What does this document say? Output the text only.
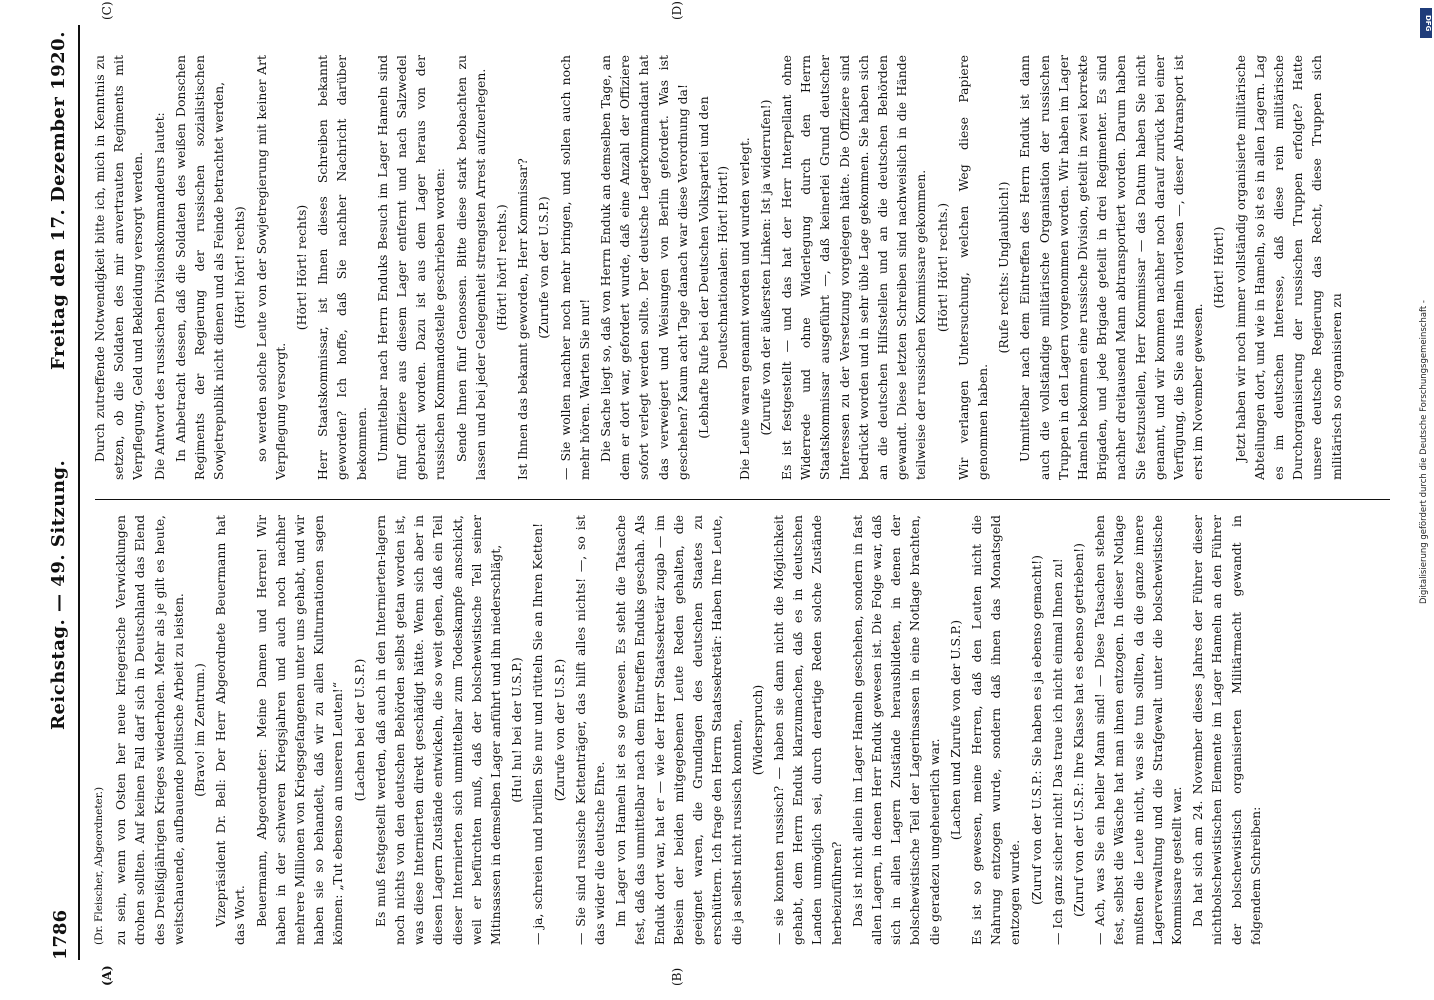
1786
Reichstag. — 49. Sitzung.
Freitag den 17. Dezember 1920.
(A)	(B)
(C)	(D)

(Dr. Fleischer, Abgeordneter.) zu sein, wenn von Osten her neue kriegerische Verwicklungen drohen sollten. Auf keinen Fall darf sich in Deutschland das Elend des Dreißigjährigen Krieges wiederholen. Mehr als je gilt es heute, weitschauende, aufbauende politische Arbeit zu leisten. (Bravo! im Zentrum.) Vizepräsident Dr. Bell: Der Herr Abgeordnete Beuermann hat das Wort. Beuermann, Abgeordneter: Meine Damen und Herren! Wir haben in der schweren Kriegsjahren und auch noch nachher mehrere Millionen von Kriegsgefangenen unter uns gehabt, und wir haben sie so behandelt, daß wir zu allen Kulturnationen sagen können: „Tut ebenso an unseren Leuten!“ (Lachen bei der U.S.P.) Es muß festgestellt werden, daß auch in den Internierten-lagern noch nichts von den deutschen Behörden selbst getan worden ist, was diese Internierten direkt geschädigt hätte. Wenn sich aber in diesen Lagern Zustände entwickeln, die so weit gehen, daß ein Teil dieser Internierten sich unmittelbar zum Todeskampfe anschickt, weil er befürchten muß, daß der bolschewistische Teil seiner Mitinsassen in demselben Lager anführt und ihn niederschlägt, (Hu! hu! bei der U.S.P.) — ja, schreien und brüllen Sie nur und rütteln Sie an Ihren Ketten! (Zurufe von der U.S.P.) — Sie sind russische Kettenträger, das hilft alles nichts! —, so ist das wider die deutsche Ehre. Im Lager von Hameln ist es so gewesen. Es steht die Tatsache fest, daß das unmittelbar nach dem Eintreffen Enduks geschah. Als Enduk dort war, hat er — wie der Herr Staatssekretär zugab — im Beisein der beiden mitgegebenen Leute Reden gehalten, die geeignet waren, die Grundlagen des deutschen Staates zu erschüttern. Ich frage den Herrn Staatssekretär: Haben Ihre Leute, die ja selbst nicht russisch konnten, (Widerspruch) — sie konnten russisch? — haben sie dann nicht die Möglichkeit gehabt, dem Herrn Enduk klarzumachen, daß es in deutschen Landen unmöglich sei, durch derartige Reden solche Zustände herbeizuführen? Das ist nicht allein im Lager Hameln geschehen, sondern in fast allen Lagern, in denen Herr Enduk gewesen ist. Die Folge war, daß sich in allen Lagern Zustände herausbildeten, in denen der bolschewistische Teil der Lagerinsassen in eine Notlage brachten, die geradezu ungeheuerlich war.

(Lachen und Zurufe von der U.S.P.) Es ist so gewesen, meine Herren, daß den Leuten nicht die Nahrung entzogen wurde, sondern daß ihnen das Monatsgeld entzogen wurde. (Zuruf von der U.S.P.: Sie haben es ja ebenso gemacht!) — Ich ganz sicher nicht! Das traue ich nicht einmal Ihnen zu! (Zuruf von der U.S.P.: Ihre Klasse hat es ebenso getrieben!) — Ach, was Sie ein heller Mann sind! — Diese Tatsachen stehen fest, selbst die Wäsche hat man ihnen entzogen. In dieser Notlage mußten die Leute nicht, was sie tun sollten, da die ganze innere Lagerverwaltung und die Strafgewalt unter die bolschewistische Kommissare gestellt war. Da hat sich am 24. November dieses Jahres der Führer dieser nichtbolschewistischen Elemente im Lager Hameln an den Führer der bolschewistisch organisierten Militärmacht gewandt in folgendem Schreiben:

Durch zutreffende Notwendigkeit bitte ich, mich in Kenntnis zu setzen, ob die Soldaten des mir anvertrauten Regiments mit Verpflegung, Geld und Bekleidung versorgt werden. Die Antwort des russischen Divisionskommandeurs lautet: In Anbetracht dessen, daß die Soldaten des weißen Donschen Regiments der Regierung der russischen sozialistischen Sowjetrepublik nicht dienen und als Feinde betrachtet werden, (Hört! hört! rechts) so werden solche Leute von der Sowjetregierung mit keiner Art Verpflegung versorgt.

(Hört! Hört! rechts) Herr Staatskommissar, ist Ihnen dieses Schreiben bekannt geworden? Ich hoffe, daß Sie nachher Nachricht darüber bekommen. Unmittelbar nach Herrn Enduks Besuch im Lager Hameln sind fünf Offiziere aus diesem Lager entfernt und nach Salzwedel gebracht worden. Dazu ist aus dem Lager heraus von der russischen Kommandostelle geschrieben worden: Sende Ihnen fünf Genossen. Bitte diese stark beobachten zu lassen und bei jeder Gelegenheit strengsten Arrest aufzuerlegen. (Hört! hört! rechts.) Ist Ihnen das bekannt geworden, Herr Kommissar? (Zurufe von der U.S.P.) — Sie wollen nachher noch mehr bringen, und sollen auch noch mehr hören. Warten Sie nur! Die Sache liegt so, daß von Herrn Enduk an demselben Tage, an dem er dort war, gefordert wurde, daß eine Anzahl der Offiziere sofort verlegt werden sollte. Der deutsche Lagerkommandant hat das verweigert und Weisungen von Berlin gefordert. Was ist geschehen? Kaum acht Tage danach war diese Verordnung da! (Lebhafte Rufe bei der Deutschen Volkspartei und den Deutschnationalen: Hört! Hört!) Die Leute waren genannt worden und wurden verlegt. (Zurufe von der äußersten Linken: Ist ja widerrufen!) Es ist festgestellt — und das hat der Herr Interpellant ohne Widerrede und ohne Widerlegung durch den Herrn Staatskommissar ausgeführt —, daß keinerlei Grund deutscher Interessen zu der Versetzung vorgelegen hätte. Die Offiziere sind bedrückt worden und in sehr üble Lage gekommen. Sie haben sich an die deutschen Hilfsstellen und an die deutschen Behörden gewandt. Diese letzten Schreiben sind nachweislich in die Hände teilweise der russischen Kommissare gekommen. (Hört! Hört! rechts.) Wir verlangen Untersuchung, welchen Weg diese Papiere genommen haben.

(Rufe rechts: Unglaublich!) Unmittelbar nach dem Eintreffen des Herrn Enduk ist dann auch die vollständige militärische Organisation der russischen Truppen in den Lagern vorgenommen worden. Wir haben im Lager Hameln bekommen eine russische Division, geteilt in zwei korrekte Brigaden, und jede Brigade geteilt in drei Regimenter. Es sind nachher dreitausend Mann abtransportiert worden. Darum haben Sie festzustellen, Herr Kommissar — das Datum haben Sie nicht genannt, und wir kommen nachher noch darauf zurück bei einer Verfügung, die Sie aus Hameln vorlesen —, dieser Abtransport ist erst im November gewesen.

(Hört! Hört!) Jetzt haben wir noch immer vollständig organisierte militärische Abteilungen dort, und wie in Hameln, so ist es in allen Lagern. Lag es im deutschen Interesse, daß diese rein militärische Durchorganisierung der russischen Truppen erfolgte? Hatte unsere deutsche Regierung das Recht, diese Truppen sich militärisch so organisieren zu

DFG
Digitalisierung gefördert durch die Deutsche Forschungsgemeinschaft -
